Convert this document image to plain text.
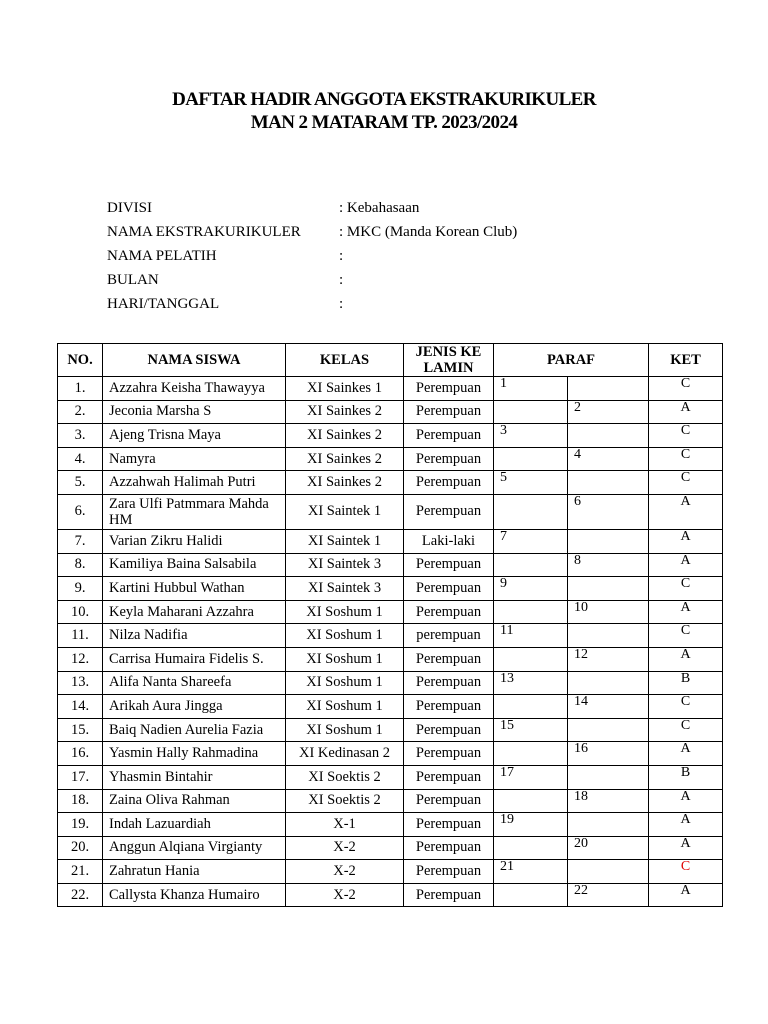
DAFTAR HADIR ANGGOTA EKSTRAKURIKULER
MAN 2 MATARAM TP. 2023/2024
DIVISI	: Kebahasaan
NAMA EKSTRAKURIKULER	: MKC (Manda Korean Club)
NAMA PELATIH	:
BULAN	:
HARI/TANGGAL	:
NO.	NAMA SISWA	KELAS	JENIS KE LAMIN	PARAF		KET
1.	Azzahra Keisha Thawayya	XI Sainkes 1	Perempuan	1		C
2.	Jeconia Marsha S	XI Sainkes 2	Perempuan		2	A
3.	Ajeng Trisna Maya	XI Sainkes 2	Perempuan	3		C
4.	Namyra	XI Sainkes 2	Perempuan		4	C
5.	Azzahwah Halimah Putri	XI Sainkes 2	Perempuan	5		C
6.	Zara Ulfi Patmmara Mahda HM	XI Saintek 1	Perempuan		6	A
7.	Varian Zikru Halidi	XI Saintek 1	Laki-laki	7		A
8.	Kamiliya Baina Salsabila	XI Saintek 3	Perempuan		8	A
9.	Kartini Hubbul Wathan	XI Saintek 3	Perempuan	9		C
10.	Keyla Maharani Azzahra	XI Soshum 1	Perempuan		10	A
11.	Nilza Nadifia	XI Soshum 1	perempuan	11		C
12.	Carrisa Humaira Fidelis S.	XI Soshum 1	Perempuan		12	A
13.	Alifa Nanta Shareefa	XI Soshum 1	Perempuan	13		B
14.	Arikah Aura Jingga	XI Soshum 1	Perempuan		14	C
15.	Baiq Nadien Aurelia Fazia	XI Soshum 1	Perempuan	15		C
16.	Yasmin Hally Rahmadina	XI Kedinasan 2	Perempuan		16	A
17.	Yhasmin Bintahir	XI Soektis 2	Perempuan	17		B
18.	Zaina Oliva Rahman	XI Soektis 2	Perempuan		18	A
19.	Indah Lazuardiah	X-1	Perempuan	19		A
20.	Anggun Alqiana Virgianty	X-2	Perempuan		20	A
21.	Zahratun Hania	X-2	Perempuan	21		C
22.	Callysta Khanza Humairo	X-2	Perempuan		22	A
